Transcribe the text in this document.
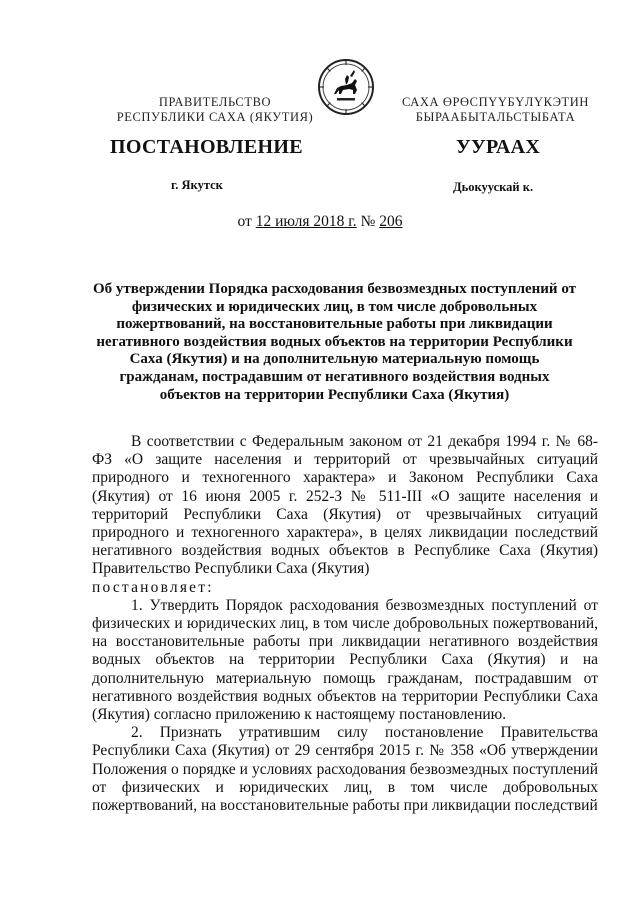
ПРАВИТЕЛЬСТВО
РЕСПУБЛИКИ САХА (ЯКУТИЯ)
САХА ӨРӨСПҮҮБҮЛҮКЭТИН
БЫРААБЫТАЛЬСТЫБАТА
ПОСТАНОВЛЕНИЕ	УУРААХ
г. Якутск	Дьокуускай к.
от 12 июля 2018 г. № 206
Об утверждении Порядка расходования безвозмездных поступлений от физических и юридических лиц, в том числе добровольных пожертвований, на восстановительные работы при ликвидации негативного воздействия водных объектов на территории Республики Саха (Якутия) и на дополнительную материальную помощь гражданам, пострадавшим от негативного воздействия водных объектов на территории Республики Саха (Якутия)

В соответствии с Федеральным законом от 21 декабря 1994 г. № 68-ФЗ «О защите населения и территорий от чрезвычайных ситуаций природного и техногенного характера» и Законом Республики Саха (Якутия) от 16 июня 2005 г. 252-З № 511-III «О защите населения и территорий Республики Саха (Якутия) от чрезвычайных ситуаций природного и техногенного характера», в целях ликвидации последствий негативного воздействия водных объектов в Республике Саха (Якутия) Правительство Республики Саха (Якутия)
постановляет:

1. Утвердить Порядок расходования безвозмездных поступлений от физических и юридических лиц, в том числе добровольных пожертвований, на восстановительные работы при ликвидации негативного воздействия водных объектов на территории Республики Саха (Якутия) и на дополнительную материальную помощь гражданам, пострадавшим от негативного воздействия водных объектов на территории Республики Саха (Якутия) согласно приложению к настоящему постановлению.

2. Признать утратившим силу постановление Правительства Республики Саха (Якутия) от 29 сентября 2015 г. № 358 «Об утверждении Положения о порядке и условиях расходования безвозмездных поступлений от физических и юридических лиц, в том числе добровольных пожертвований, на восстановительные работы при ликвидации последствий
